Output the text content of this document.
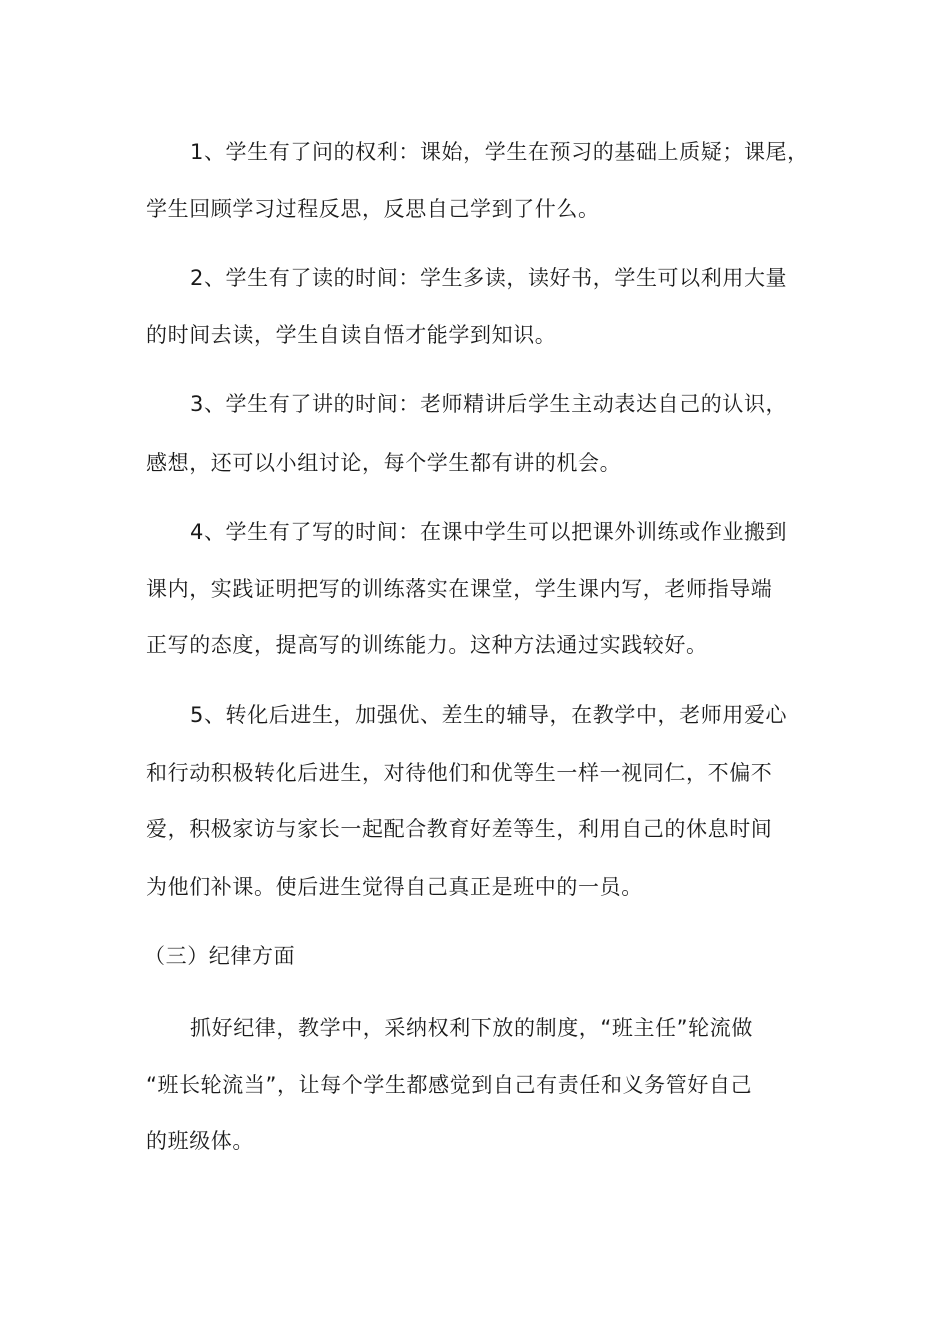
1、学生有了问的权利：课始，学生在预习的基础上质疑；课尾，
学生回顾学习过程反思，反思自己学到了什么。
2、学生有了读的时间：学生多读，读好书，学生可以利用大量
的时间去读，学生自读自悟才能学到知识。
3、学生有了讲的时间：老师精讲后学生主动表达自己的认识，
感想，还可以小组讨论，每个学生都有讲的机会。
4、学生有了写的时间：在课中学生可以把课外训练或作业搬到
课内，实践证明把写的训练落实在课堂，学生课内写，老师指导端
正写的态度，提高写的训练能力。这种方法通过实践较好。
5、转化后进生，加强优、差生的辅导，在教学中，老师用爱心
和行动积极转化后进生，对待他们和优等生一样一视同仁，不偏不
爱，积极家访与家长一起配合教育好差等生，利用自己的休息时间
为他们补课。使后进生觉得自己真正是班中的一员。
（三）纪律方面
抓好纪律，教学中，采纳权利下放的制度，“班主任”轮流做
“班长轮流当”，让每个学生都感觉到自己有责任和义务管好自己
的班级体。
